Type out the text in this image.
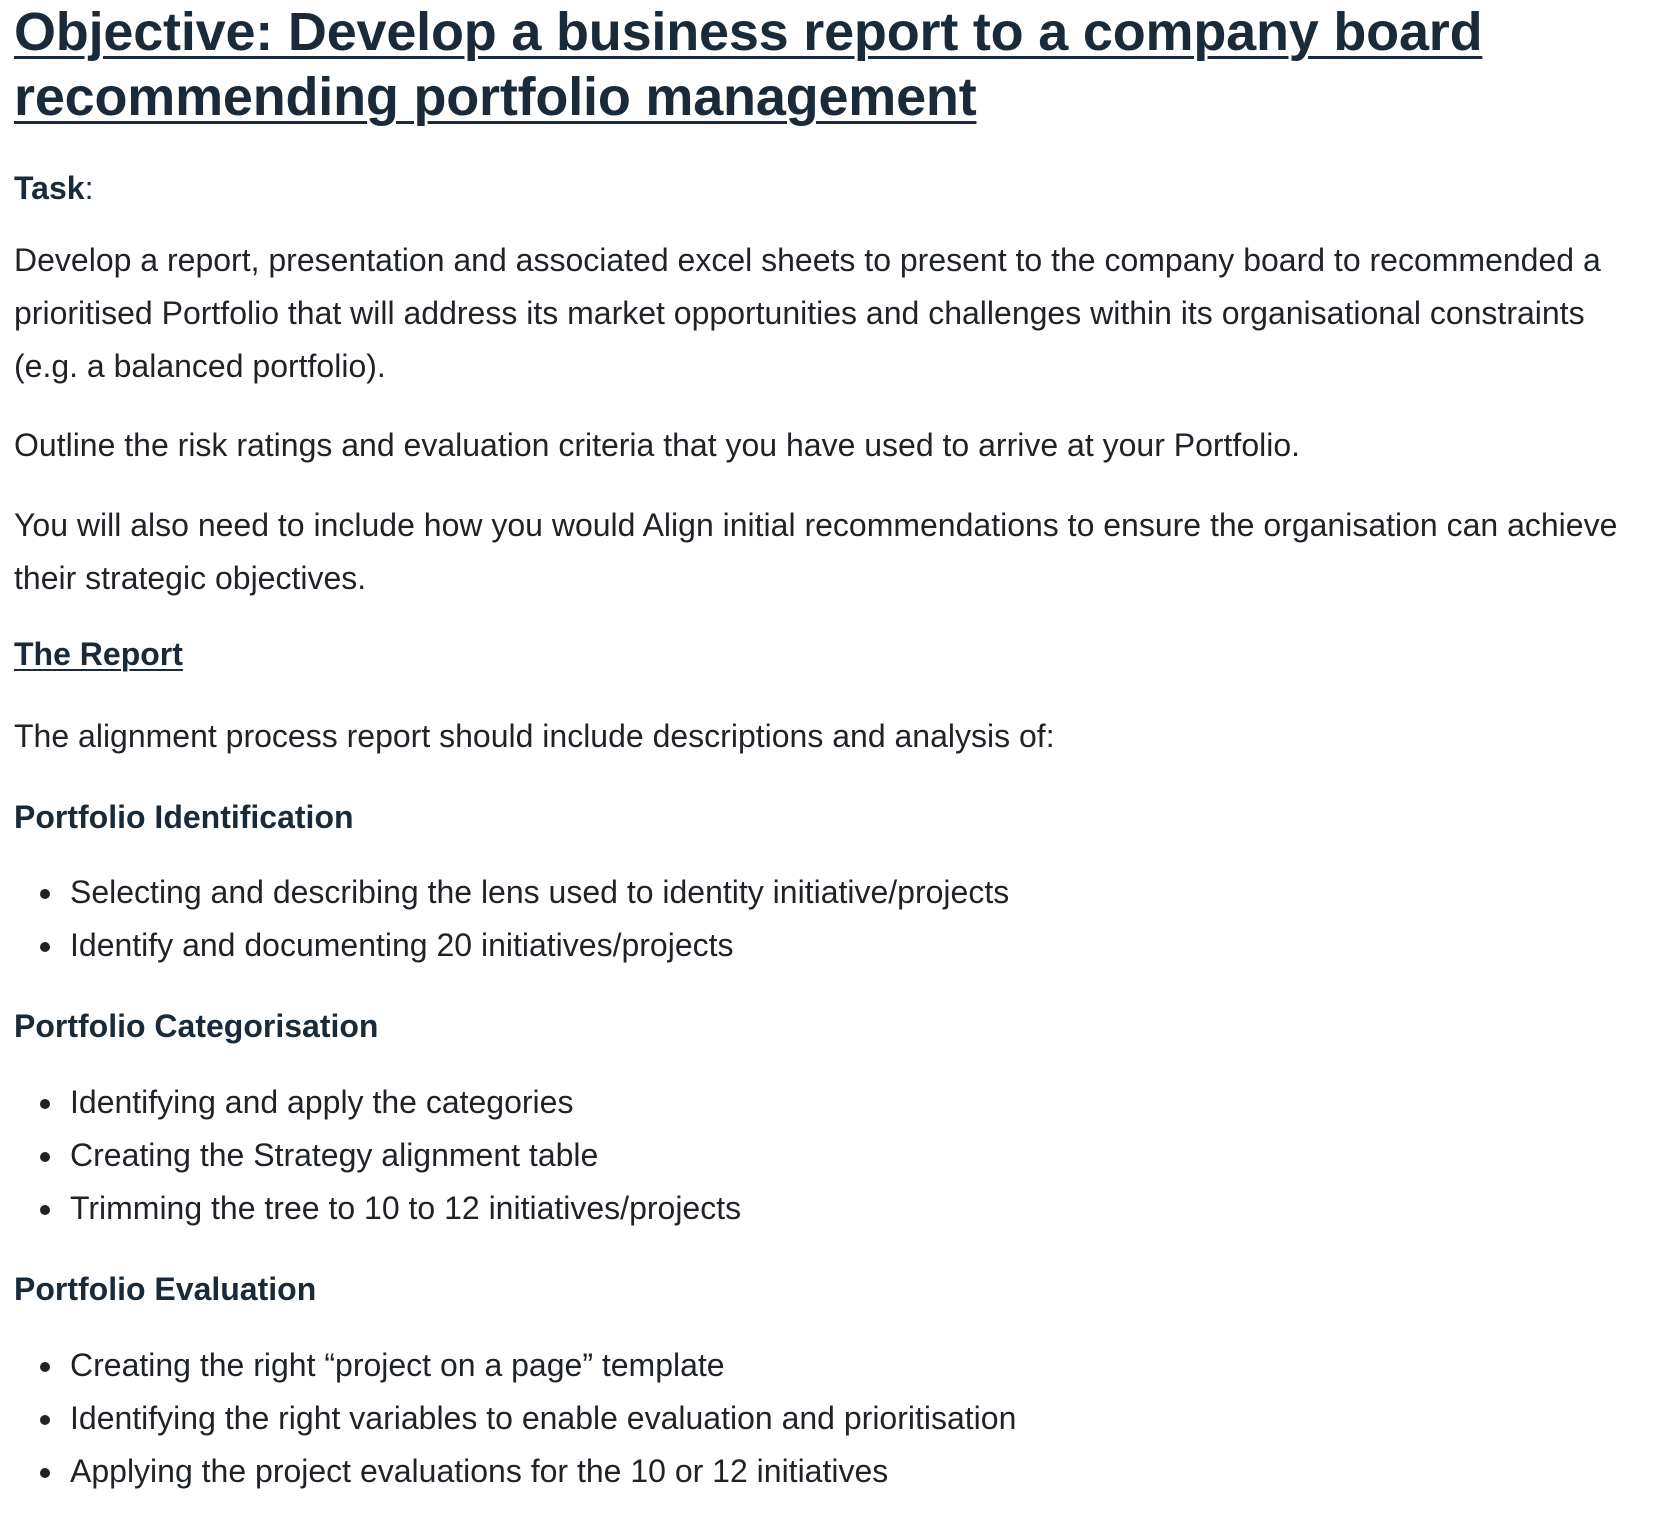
Objective: Develop a business report to a company board recommending portfolio management
Task:

Develop a report, presentation and associated excel sheets to present to the company board to recommended a prioritised Portfolio that will address its market opportunities and challenges within its organisational constraints (e.g. a balanced portfolio).

Outline the risk ratings and evaluation criteria that you have used to arrive at your Portfolio.

You will also need to include how you would Align initial recommendations to ensure the organisation can achieve their strategic objectives.

The Report

The alignment process report should include descriptions and analysis of:

Portfolio Identification
Selecting and describing the lens used to identity initiative/projects
Identify and documenting 20 initiatives/projects
Portfolio Categorisation
Identifying and apply the categories
Creating the Strategy alignment table
Trimming the tree to 10 to 12 initiatives/projects
Portfolio Evaluation
Creating the right “project on a page” template
Identifying the right variables to enable evaluation and prioritisation
Applying the project evaluations for the 10 or 12 initiatives
